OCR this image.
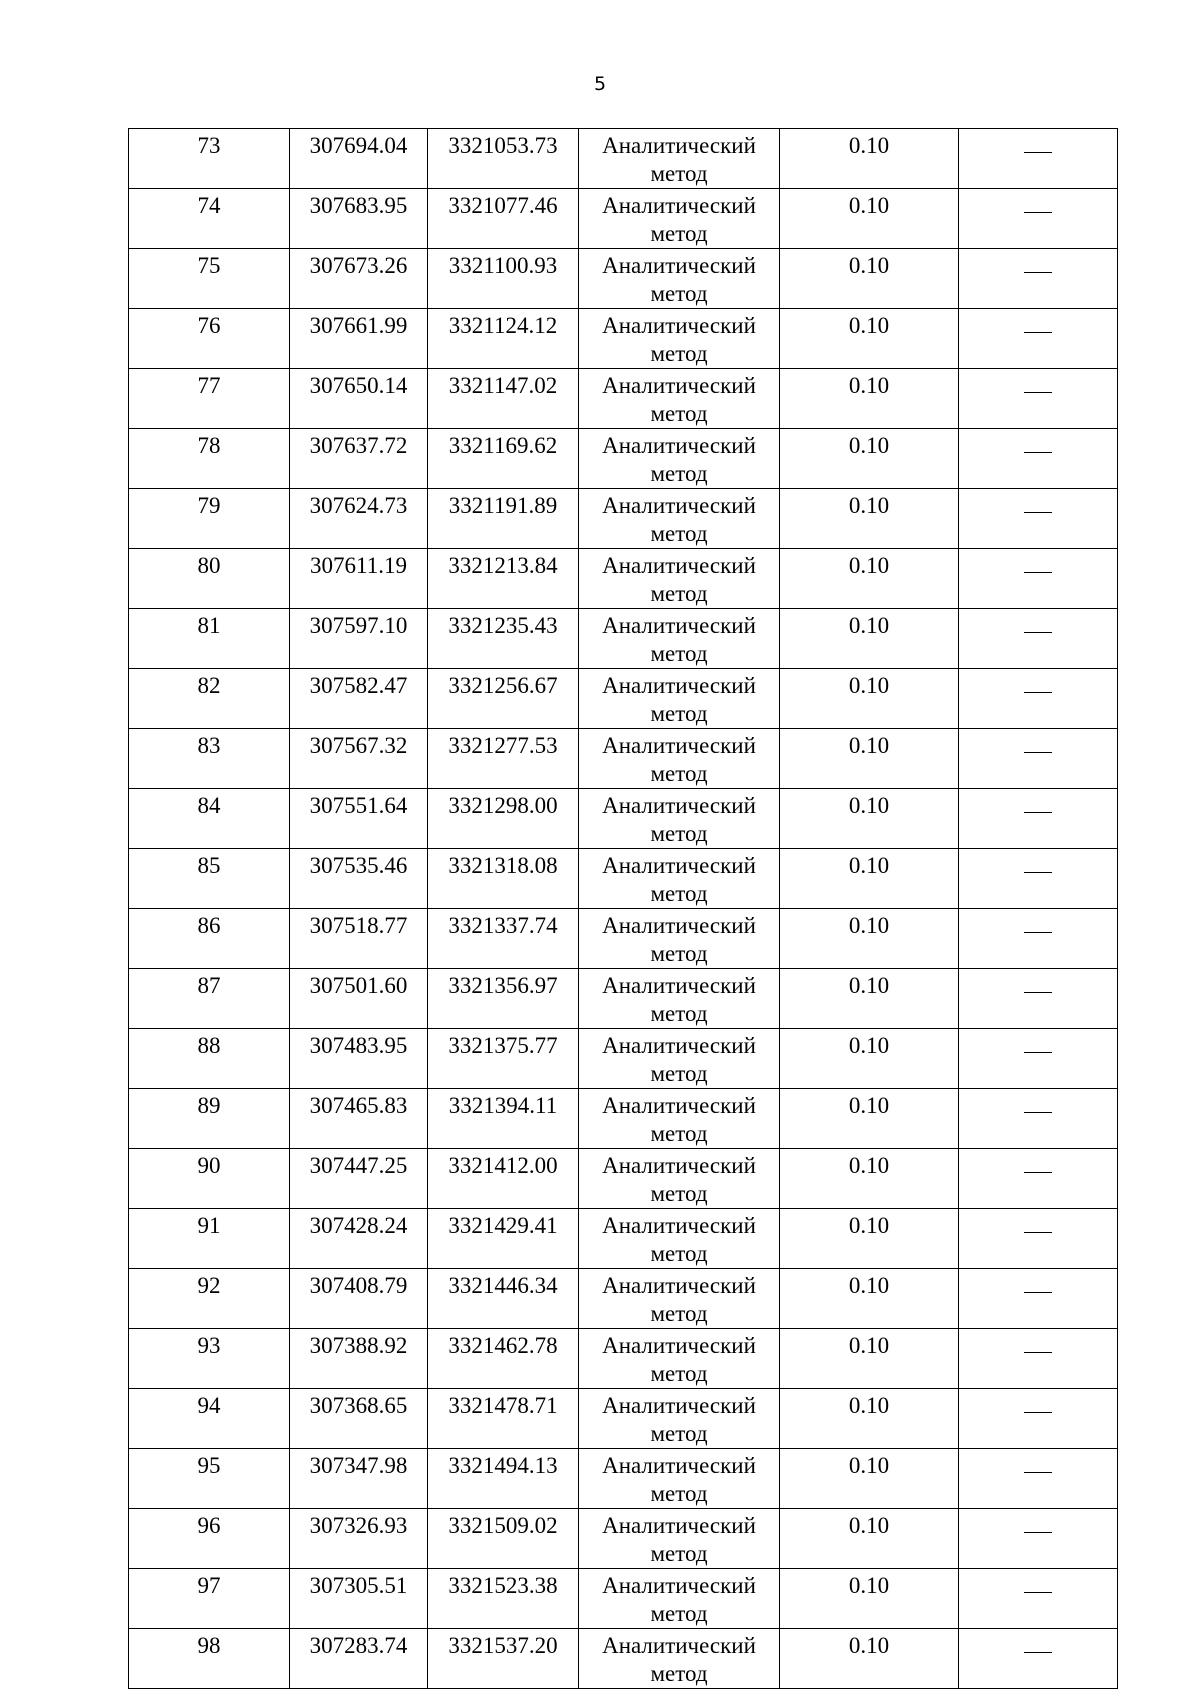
5
73	307694.04	3321053.73	Аналитический метод	0.10	
74	307683.95	3321077.46	Аналитический метод	0.10	
75	307673.26	3321100.93	Аналитический метод	0.10	
76	307661.99	3321124.12	Аналитический метод	0.10	
77	307650.14	3321147.02	Аналитический метод	0.10	
78	307637.72	3321169.62	Аналитический метод	0.10	
79	307624.73	3321191.89	Аналитический метод	0.10	
80	307611.19	3321213.84	Аналитический метод	0.10	
81	307597.10	3321235.43	Аналитический метод	0.10	
82	307582.47	3321256.67	Аналитический метод	0.10	
83	307567.32	3321277.53	Аналитический метод	0.10	
84	307551.64	3321298.00	Аналитический метод	0.10	
85	307535.46	3321318.08	Аналитический метод	0.10	
86	307518.77	3321337.74	Аналитический метод	0.10	
87	307501.60	3321356.97	Аналитический метод	0.10	
88	307483.95	3321375.77	Аналитический метод	0.10	
89	307465.83	3321394.11	Аналитический метод	0.10	
90	307447.25	3321412.00	Аналитический метод	0.10	
91	307428.24	3321429.41	Аналитический метод	0.10	
92	307408.79	3321446.34	Аналитический метод	0.10	
93	307388.92	3321462.78	Аналитический метод	0.10	
94	307368.65	3321478.71	Аналитический метод	0.10	
95	307347.98	3321494.13	Аналитический метод	0.10	
96	307326.93	3321509.02	Аналитический метод	0.10	
97	307305.51	3321523.38	Аналитический метод	0.10	
98	307283.74	3321537.20	Аналитический метод	0.10	
